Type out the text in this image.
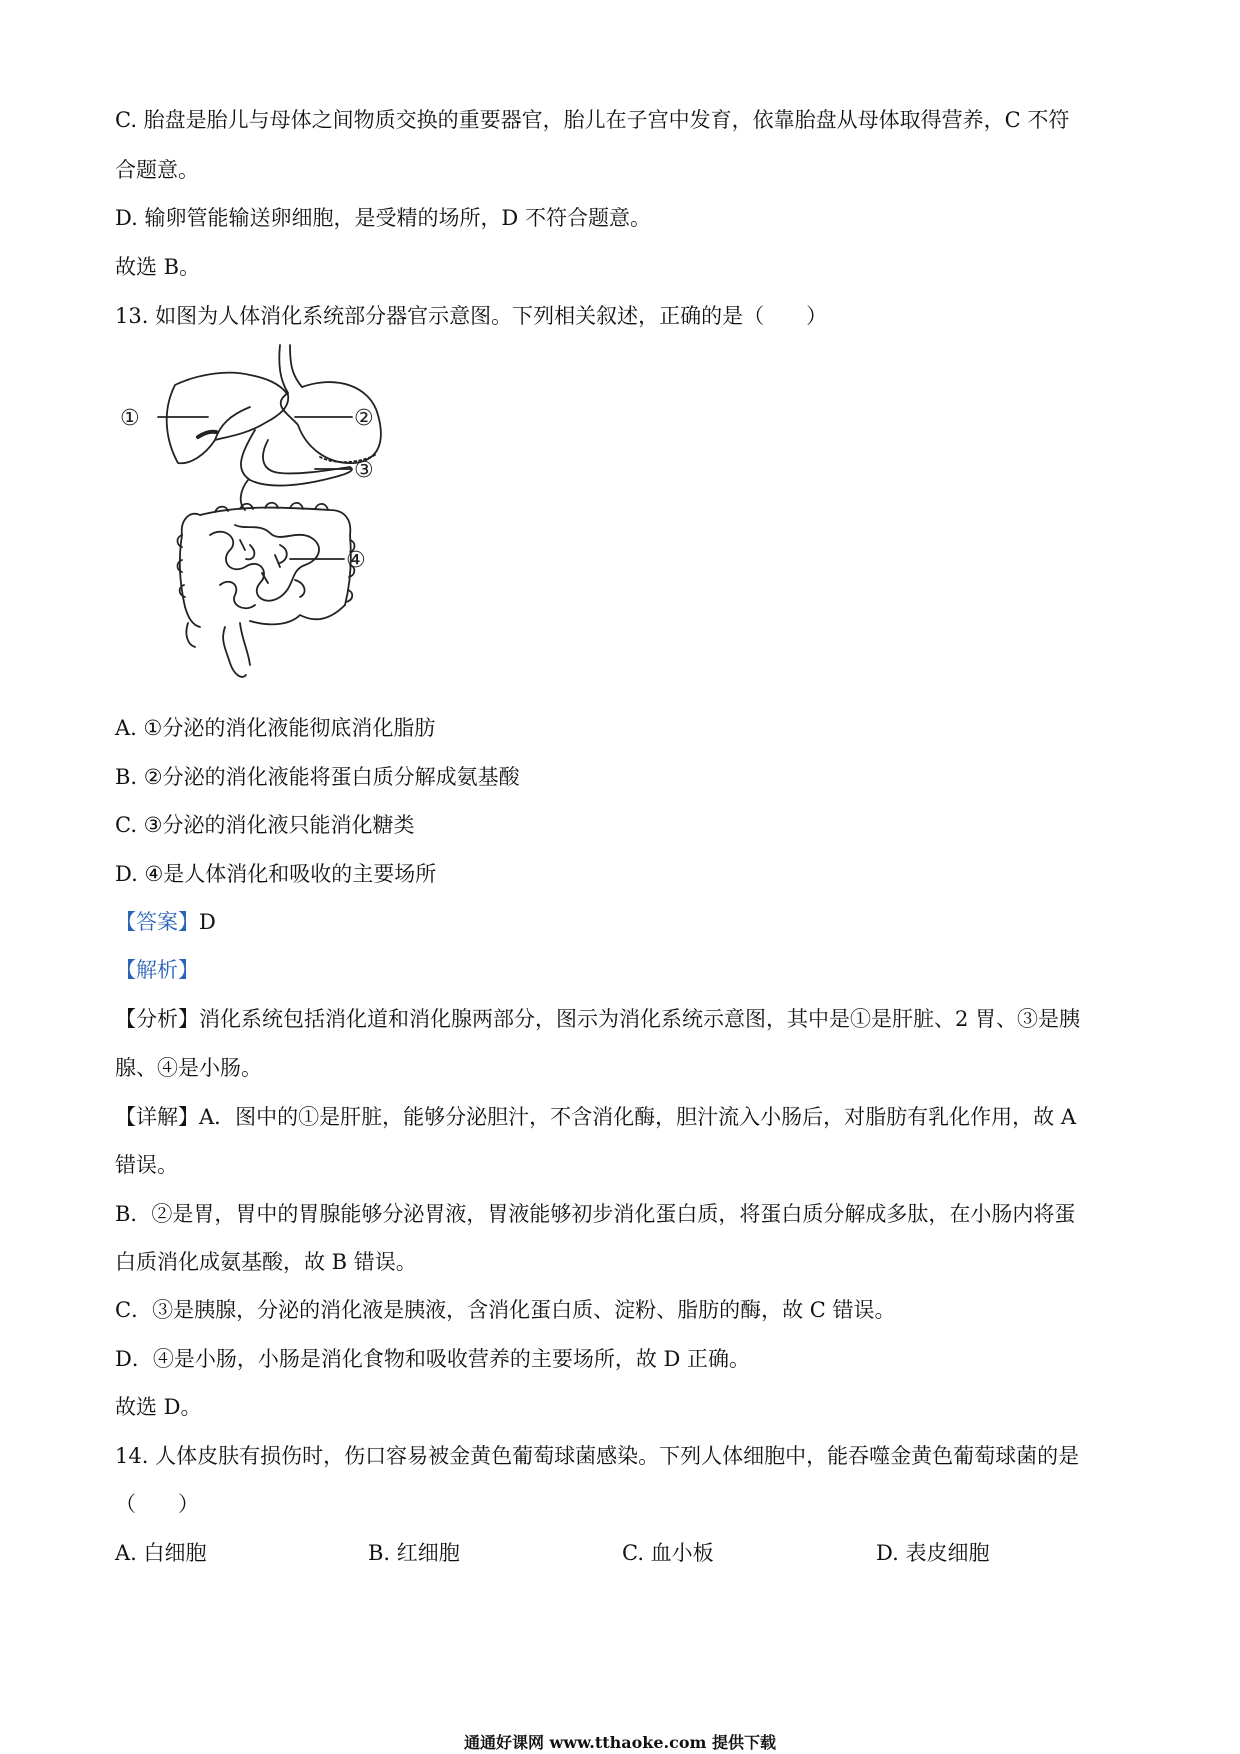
C. 胎盘是胎儿与母体之间物质交换的重要器官，胎儿在子宫中发育，依靠胎盘从母体取得营养，C 不符
合题意。
D. 输卵管能输送卵细胞，是受精的场所，D 不符合题意。
故选 B。
13. 如图为人体消化系统部分器官示意图。下列相关叙述，正确的是（　　）
①	②
③
④
A. ①分泌的消化液能彻底消化脂肪
B. ②分泌的消化液能将蛋白质分解成氨基酸
C. ③分泌的消化液只能消化糖类
D. ④是人体消化和吸收的主要场所
【答案】D
【解析】
【分析】消化系统包括消化道和消化腺两部分，图示为消化系统示意图，其中是①是肝脏、2 胃、③是胰
腺、④是小肠。
【详解】A．图中的①是肝脏，能够分泌胆汁，不含消化酶，胆汁流入小肠后，对脂肪有乳化作用，故 A
错误。
B．②是胃，胃中的胃腺能够分泌胃液，胃液能够初步消化蛋白质，将蛋白质分解成多肽，在小肠内将蛋
白质消化成氨基酸，故 B 错误。
C．③是胰腺，分泌的消化液是胰液，含消化蛋白质、淀粉、脂肪的酶，故 C 错误。
D．④是小肠，小肠是消化食物和吸收营养的主要场所，故 D 正确。
故选 D。
14. 人体皮肤有损伤时，伤口容易被金黄色葡萄球菌感染。下列人体细胞中，能吞噬金黄色葡萄球菌的是
（　　）
A. 白细胞	B. 红细胞	C. 血小板	D. 表皮细胞
通通好课网 www.tthaoke.com 提供下载
